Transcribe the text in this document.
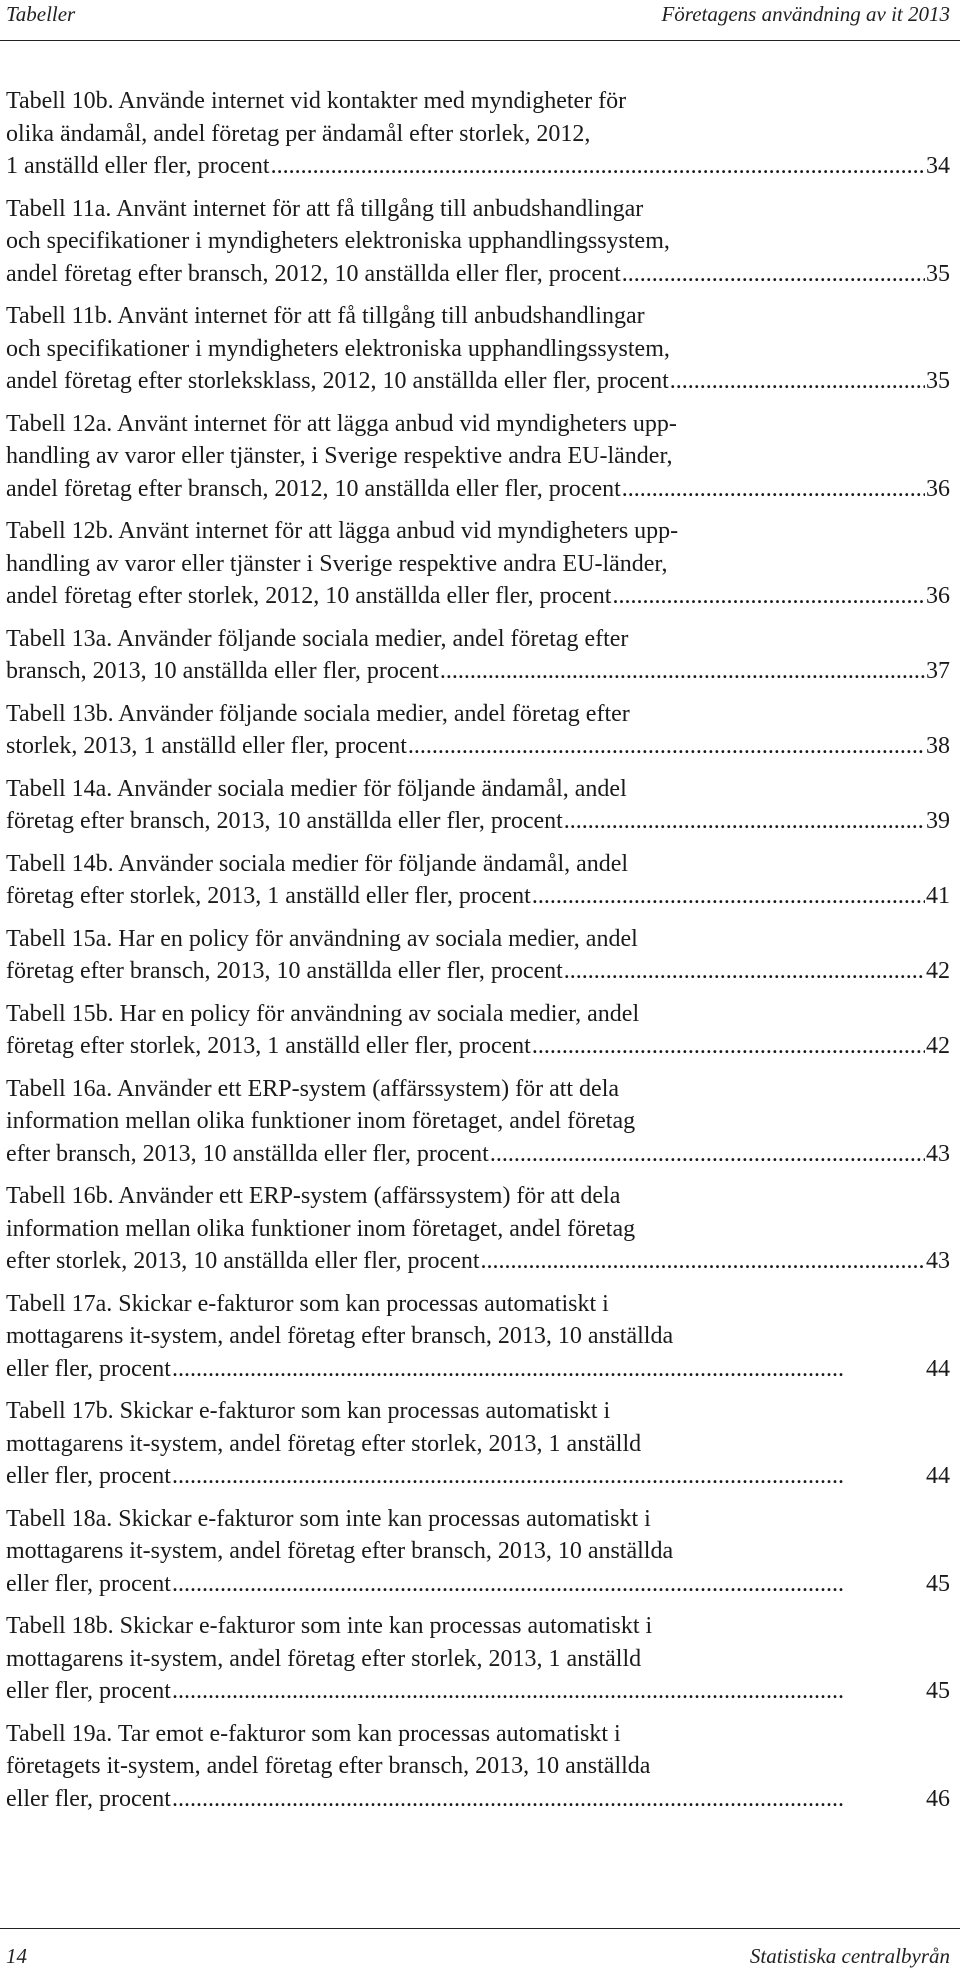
Tabeller	Företagens användning av it 2013
Tabell 10b. Använde internet vid kontakter med myndigheter för
olika ändamål, andel företag per ändamål efter storlek, 2012,
1 anställd eller fler, procent . . .	34
Tabell 11a. Använt internet för att få tillgång till anbudshandlingar
och specifikationer i myndigheters elektroniska upphandlingssystem,
andel företag efter bransch, 2012, 10 anställda eller fler, procent . . .	35
Tabell 11b. Använt internet för att få tillgång till anbudshandlingar
och specifikationer i myndigheters elektroniska upphandlingssystem,
andel företag efter storleksklass, 2012, 10 anställda eller fler, procent . . .	35
Tabell 12a. Använt internet för att lägga anbud vid myndigheters upp-
handling av varor eller tjänster, i Sverige respektive andra EU-länder,
andel företag efter bransch, 2012, 10 anställda eller fler, procent . . .	36
Tabell 12b. Använt internet för att lägga anbud vid myndigheters upp-
handling av varor eller tjänster i Sverige respektive andra EU-länder,
andel företag efter storlek, 2012, 10 anställda eller fler, procent . . .	36
Tabell 13a. Använder följande sociala medier, andel företag efter
bransch, 2013, 10 anställda eller fler, procent . . .	37
Tabell 13b. Använder följande sociala medier, andel företag efter
storlek, 2013, 1 anställd eller fler, procent . . .	38
Tabell 14a. Använder sociala medier för följande ändamål, andel
företag efter bransch, 2013, 10 anställda eller fler, procent . . .	39
Tabell 14b. Använder sociala medier för följande ändamål, andel
företag efter storlek, 2013, 1 anställd eller fler, procent . . .	41
Tabell 15a. Har en policy för användning av sociala medier, andel
företag efter bransch, 2013, 10 anställda eller fler, procent . . .	42
Tabell 15b. Har en policy för användning av sociala medier, andel
företag efter storlek, 2013, 1 anställd eller fler, procent . . .	42
Tabell 16a. Använder ett ERP-system (affärssystem) för att dela
information mellan olika funktioner inom företaget, andel företag
efter bransch, 2013, 10 anställda eller fler, procent . . .	43
Tabell 16b. Använder ett ERP-system (affärssystem) för att dela
information mellan olika funktioner inom företaget, andel företag
efter storlek, 2013, 10 anställda eller fler, procent . . .	43
Tabell 17a. Skickar e-fakturor som kan processas automatiskt i
mottagarens it-system, andel företag efter bransch, 2013, 10 anställda
eller fler, procent . . .	44
Tabell 17b. Skickar e-fakturor som kan processas automatiskt i
mottagarens it-system, andel företag efter storlek, 2013, 1 anställd
eller fler, procent . . .	44
Tabell 18a. Skickar e-fakturor som inte kan processas automatiskt i
mottagarens it-system, andel företag efter bransch, 2013, 10 anställda
eller fler, procent . . .	45
Tabell 18b. Skickar e-fakturor som inte kan processas automatiskt i
mottagarens it-system, andel företag efter storlek, 2013, 1 anställd
eller fler, procent . . .	45
Tabell 19a. Tar emot e-fakturor som kan processas automatiskt i
företagets it-system, andel företag efter bransch, 2013, 10 anställda
eller fler, procent . . .	46
14	Statistiska centralbyrån
